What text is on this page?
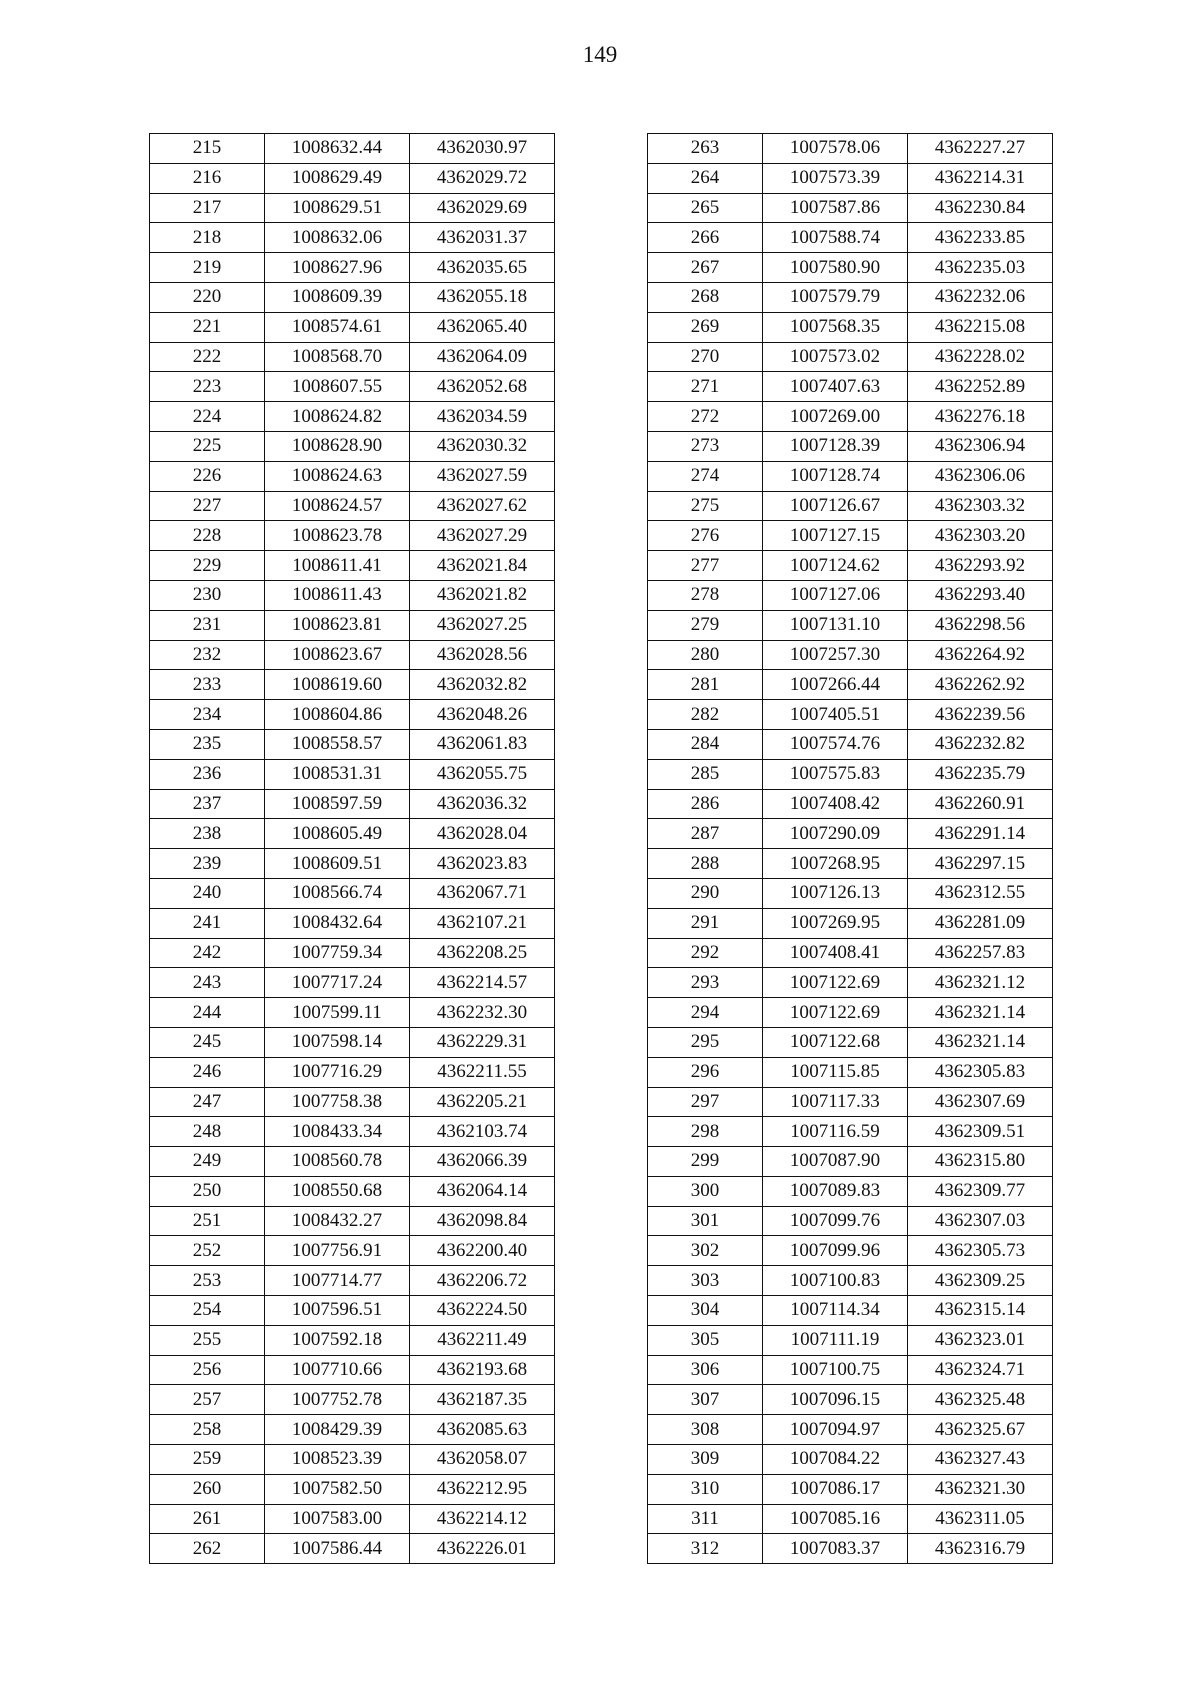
149
215	1008632.44	4362030.97
216	1008629.49	4362029.72
217	1008629.51	4362029.69
218	1008632.06	4362031.37
219	1008627.96	4362035.65
220	1008609.39	4362055.18
221	1008574.61	4362065.40
222	1008568.70	4362064.09
223	1008607.55	4362052.68
224	1008624.82	4362034.59
225	1008628.90	4362030.32
226	1008624.63	4362027.59
227	1008624.57	4362027.62
228	1008623.78	4362027.29
229	1008611.41	4362021.84
230	1008611.43	4362021.82
231	1008623.81	4362027.25
232	1008623.67	4362028.56
233	1008619.60	4362032.82
234	1008604.86	4362048.26
235	1008558.57	4362061.83
236	1008531.31	4362055.75
237	1008597.59	4362036.32
238	1008605.49	4362028.04
239	1008609.51	4362023.83
240	1008566.74	4362067.71
241	1008432.64	4362107.21
242	1007759.34	4362208.25
243	1007717.24	4362214.57
244	1007599.11	4362232.30
245	1007598.14	4362229.31
246	1007716.29	4362211.55
247	1007758.38	4362205.21
248	1008433.34	4362103.74
249	1008560.78	4362066.39
250	1008550.68	4362064.14
251	1008432.27	4362098.84
252	1007756.91	4362200.40
253	1007714.77	4362206.72
254	1007596.51	4362224.50
255	1007592.18	4362211.49
256	1007710.66	4362193.68
257	1007752.78	4362187.35
258	1008429.39	4362085.63
259	1008523.39	4362058.07
260	1007582.50	4362212.95
261	1007583.00	4362214.12
262	1007586.44	4362226.01
263	1007578.06	4362227.27
264	1007573.39	4362214.31
265	1007587.86	4362230.84
266	1007588.74	4362233.85
267	1007580.90	4362235.03
268	1007579.79	4362232.06
269	1007568.35	4362215.08
270	1007573.02	4362228.02
271	1007407.63	4362252.89
272	1007269.00	4362276.18
273	1007128.39	4362306.94
274	1007128.74	4362306.06
275	1007126.67	4362303.32
276	1007127.15	4362303.20
277	1007124.62	4362293.92
278	1007127.06	4362293.40
279	1007131.10	4362298.56
280	1007257.30	4362264.92
281	1007266.44	4362262.92
282	1007405.51	4362239.56
284	1007574.76	4362232.82
285	1007575.83	4362235.79
286	1007408.42	4362260.91
287	1007290.09	4362291.14
288	1007268.95	4362297.15
290	1007126.13	4362312.55
291	1007269.95	4362281.09
292	1007408.41	4362257.83
293	1007122.69	4362321.12
294	1007122.69	4362321.14
295	1007122.68	4362321.14
296	1007115.85	4362305.83
297	1007117.33	4362307.69
298	1007116.59	4362309.51
299	1007087.90	4362315.80
300	1007089.83	4362309.77
301	1007099.76	4362307.03
302	1007099.96	4362305.73
303	1007100.83	4362309.25
304	1007114.34	4362315.14
305	1007111.19	4362323.01
306	1007100.75	4362324.71
307	1007096.15	4362325.48
308	1007094.97	4362325.67
309	1007084.22	4362327.43
310	1007086.17	4362321.30
311	1007085.16	4362311.05
312	1007083.37	4362316.79
